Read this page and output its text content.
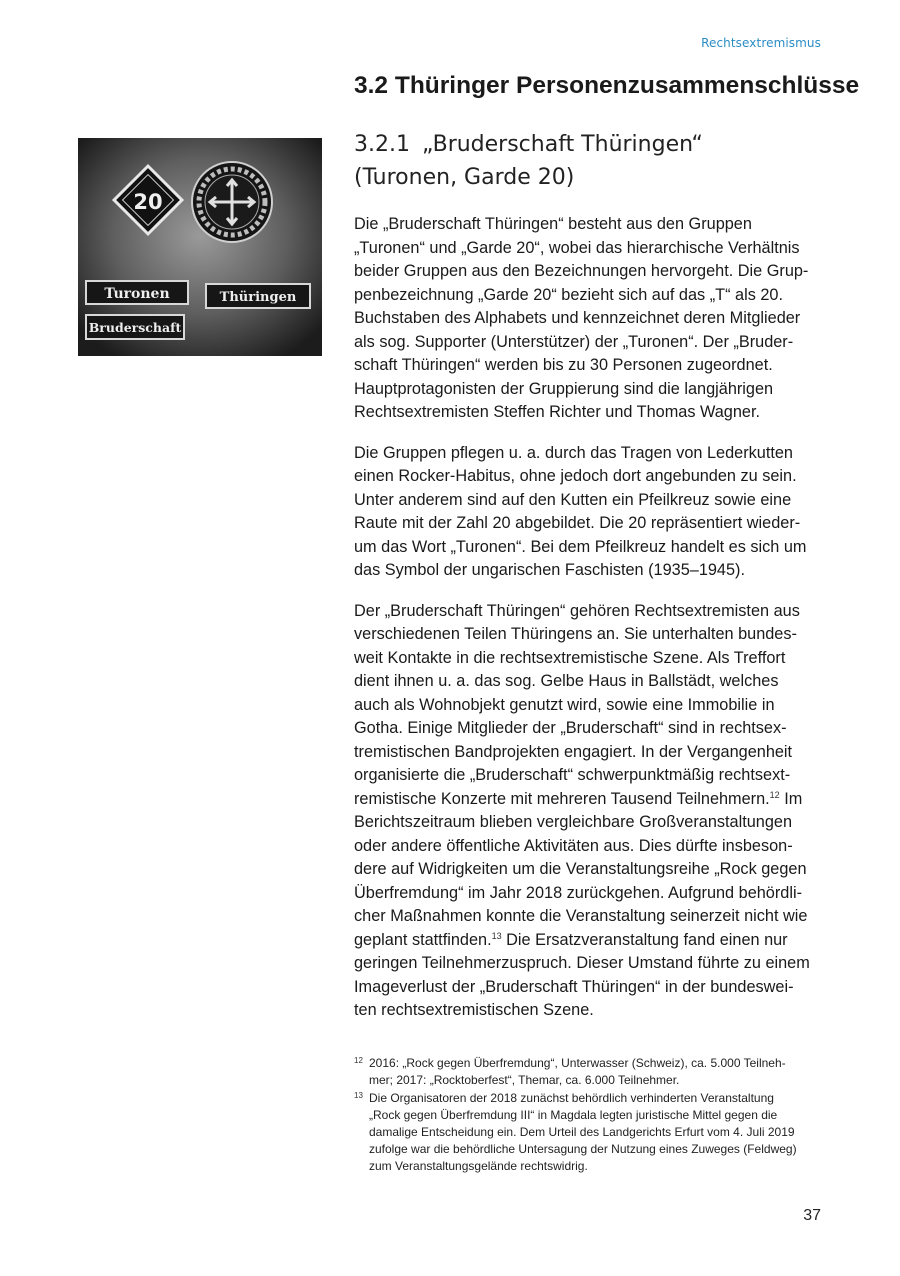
Rechtsextremismus
3.2 Thüringer Personenzusammenschlüsse
3.2.1 „Bruderschaft Thüringen“
(Turonen, Garde 20)
20
Turonen	Thüringen
Bruderschaft

Die „Bruderschaft Thüringen“ besteht aus den Gruppen
„Turonen“ und „Garde 20“, wobei das hierarchische Verhältnis
beider Gruppen aus den Bezeichnungen hervorgeht. Die Grup-
penbezeichnung „Garde 20“ bezieht sich auf das „T“ als 20.
Buchstaben des Alphabets und kennzeichnet deren Mitglieder
als sog. Supporter (Unterstützer) der „Turonen“. Der „Bruder-
schaft Thüringen“ werden bis zu 30 Personen zugeordnet.
Hauptprotagonisten der Gruppierung sind die langjährigen
Rechtsextremisten Steffen Richter und Thomas Wagner.

Die Gruppen pflegen u. a. durch das Tragen von Lederkutten
einen Rocker-Habitus, ohne jedoch dort angebunden zu sein.
Unter anderem sind auf den Kutten ein Pfeilkreuz sowie eine
Raute mit der Zahl 20 abgebildet. Die 20 repräsentiert wieder-
um das Wort „Turonen“. Bei dem Pfeilkreuz handelt es sich um
das Symbol der ungarischen Faschisten (1935–1945).

Der „Bruderschaft Thüringen“ gehören Rechtsextremisten aus
verschiedenen Teilen Thüringens an. Sie unterhalten bundes-
weit Kontakte in die rechtsextremistische Szene. Als Treffort
dient ihnen u. a. das sog. Gelbe Haus in Ballstädt, welches
auch als Wohnobjekt genutzt wird, sowie eine Immobilie in
Gotha. Einige Mitglieder der „Bruderschaft“ sind in rechtsex-
tremistischen Bandprojekten engagiert. In der Vergangenheit
organisierte die „Bruderschaft“ schwerpunktmäßig rechtsext-
remistische Konzerte mit mehreren Tausend Teilnehmern.$^{12}$ Im
Berichtszeitraum blieben vergleichbare Großveranstaltungen
oder andere öffentliche Aktivitäten aus. Dies dürfte insbeson-
dere auf Widrigkeiten um die Veranstaltungsreihe „Rock gegen
Überfremdung“ im Jahr 2018 zurückgehen. Aufgrund behördli-
cher Maßnahmen konnte die Veranstaltung seinerzeit nicht wie
geplant stattfinden.$^{13}$ Die Ersatzveranstaltung fand einen nur
geringen Teilnehmerzuspruch. Dieser Umstand führte zu einem
Imageverlust der „Bruderschaft Thüringen“ in der bundeswei-
ten rechtsextremistischen Szene.

12 2016: „Rock gegen Überfremdung“, Unterwasser (Schweiz), ca. 5.000 Teilneh-
mer; 2017: „Rocktoberfest“, Themar, ca. 6.000 Teilnehmer.
13 Die Organisatoren der 2018 zunächst behördlich verhinderten Veranstaltung
„Rock gegen Überfremdung III“ in Magdala legten juristische Mittel gegen die
damalige Entscheidung ein. Dem Urteil des Landgerichts Erfurt vom 4. Juli 2019
zufolge war die behördliche Untersagung der Nutzung eines Zuweges (Feldweg)
zum Veranstaltungsgelände rechtswidrig.
37
